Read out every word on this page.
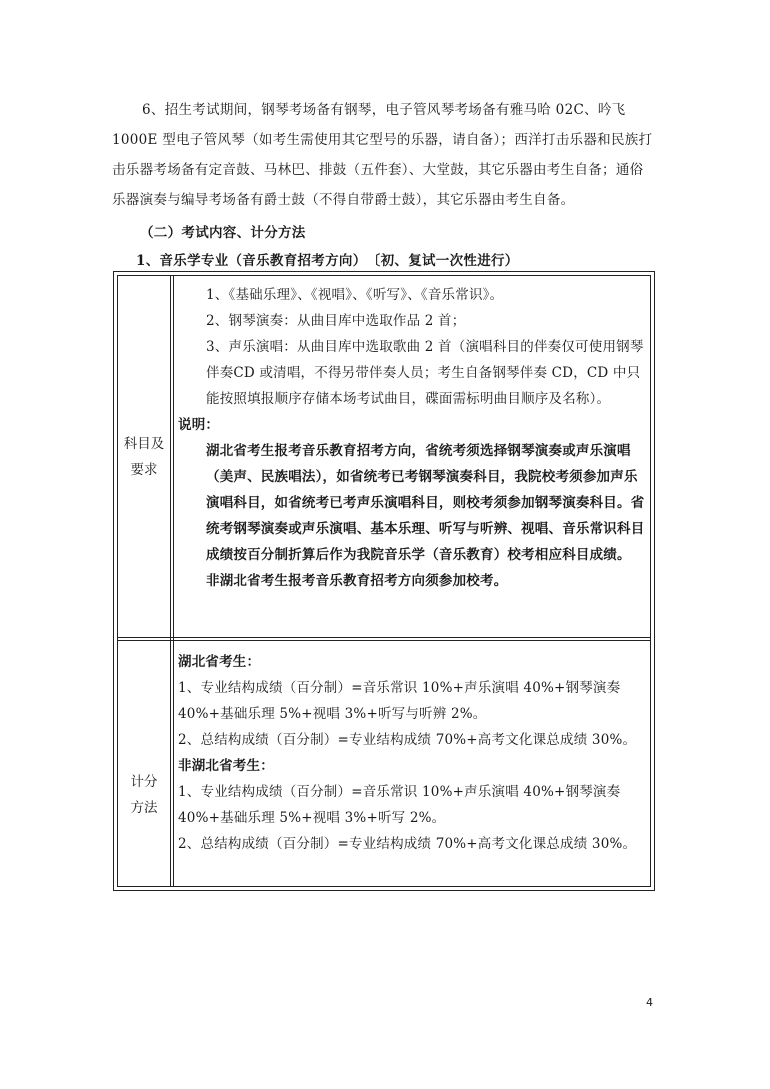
6、招生考试期间，钢琴考场备有钢琴，电子管风琴考场备有雅马哈 02C、吟飞 1000E 型电子管风琴（如考生需使用其它型号的乐器，请自备）；西洋打击乐器和民族打击乐器考场备有定音鼓、马林巴、排鼓（五件套）、大堂鼓，其它乐器由考生自备；通俗乐器演奏与编导考场备有爵士鼓（不得自带爵士鼓），其它乐器由考生自备。

（二）考试内容、计分方法

1、音乐学专业（音乐教育招考方向）　〔初、复试一次性进行）

科目及
要求

1、《基础乐理》、《视唱》、《听写》、《音乐常识》。

2、钢琴演奏：从曲目库中选取作品 2 首；

3、声乐演唱：从曲目库中选取歌曲 2 首（演唱科目的伴奏仅可使用钢琴伴奏CD 或清唱，不得另带伴奏人员；考生自备钢琴伴奏 CD，CD 中只能按照填报顺序存储本场考试曲目，碟面需标明曲目顺序及名称）。

说明：

湖北省考生报考音乐教育招考方向，省统考须选择钢琴演奏或声乐演唱（美声、民族唱法），如省统考已考钢琴演奏科目，我院校考须参加声乐演唱科目，如省统考已考声乐演唱科目，则校考须参加钢琴演奏科目。省统考钢琴演奏或声乐演唱、基本乐理、听写与听辨、视唱、音乐常识科目成绩按百分制折算后作为我院音乐学（音乐教育）校考相应科目成绩。

非湖北省考生报考音乐教育招考方向须参加校考。

计分
方法

湖北省考生：

1、专业结构成绩（百分制）=音乐常识 10%+声乐演唱 40%+钢琴演奏 40%+基础乐理 5%+视唱 3%+听写与听辨 2%。

2、总结构成绩（百分制）=专业结构成绩 70%+高考文化课总成绩 30%。

非湖北省考生：

1、专业结构成绩（百分制）=音乐常识 10%+声乐演唱 40%+钢琴演奏 40%+基础乐理 5%+视唱 3%+听写 2%。

2、总结构成绩（百分制）=专业结构成绩 70%+高考文化课总成绩 30%。

4
